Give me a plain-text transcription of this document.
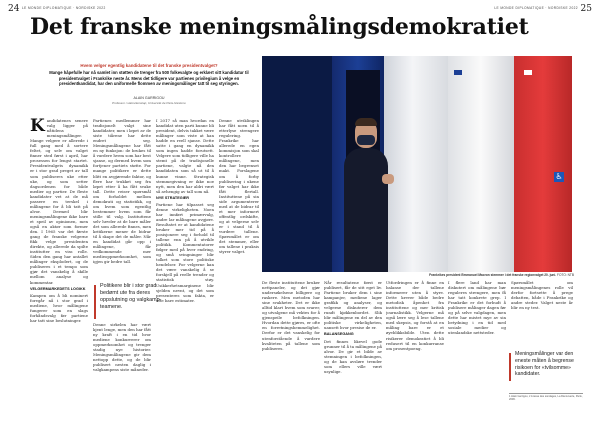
24 LE MONDE DIPLOMATIQUE · NORDISKE 2022	25
LE MONDE DIPLOMATIQUE · NORDISKE 2022
Det franske meningsmålingsdemokratiet
Hvem velger egentlig kandidatene til det franske presidentvalget?
Mange håpefulle har nå samlet inn støtten de trenger fra 500 folkevalgte og erklært sitt kandidatur til presidentvalget i Frankrike neste år. Mens det tidligere var partienes privilegium å velge en presidentkandidat, har den uniformelle flommen av meningsmålinger tatt til seg styringen.
ALAIN GARRIGOU
Professor i statsvitenskap, Université de Paris-Nanterre
K andidatenes senere valg ligger på nåtidens meningsmålinger. Mange velgere er allerede i full gang med å sortere feltet, og selv om valget finner sted først i april, har prosessen for lengst startet. Presidentvalgets dynamikk er i stor grad preget av tall som publiseres uke etter uke, og som setter dagsordenen for både medier og partier. De fleste kandidater vet at de må passere en terskel i målingene for å bli tatt på alvor. Dermed blir meningsmålingene ikke bare et speil av opinionen, men også en aktør som former den. I 1965 var det første gang de franske velgerne fikk velge presidenten direkte, og allerede da spilte institutter en viss rolle. Siden den gang har antallet målinger eksplodert, og de publiseres i et tempo som gjør det vanskelig å skille mellom analyse og kommentar.
VELGERMARKEDETS LOGIKK
Kampen om å bli nominert foregår nå i stor grad i mediene, hvor målingene fungerer som en slags forhåndsvalg før partiene har tatt sine beslutninger.
Partienes medlemmer har tradisjonelt valgt sine kandidater, men i løpet av de siste tiårene har dette endret seg. Meningsmålingene har fått en ny funksjon: de brukes til å vurdere hvem som har best sjanse, og dermed hvem som fortjener partiets støtte. For mange politikere er dette blitt en avgjørende faktor, og flere har trukket seg fra løpet etter å ha fått svake tall. Dette reiser spørsmål om forholdet mellom demokrati og statistikk, og om hvem som egentlig bestemmer hvem som får stille til valg. Instituttene selv hevder at de bare måler det som allerede finnes, men kritikerne mener de bidrar til å skape det de måler. Når en kandidat går opp i målingene, får vedkommende mer medieoppmerksomhet, som igjen gir bedre tall.
Politikere blir i stor grad bedømt ute fra deres oppslutning og valgkamp-teamene.
Denne sirkelen har vært kjent lenge, men den har fått ny kraft i en tid hvor mediene konkurrerer om oppmerksomhet og trenger stadig nye historier. Meningsmålingene gir dem nettopp dette, og de blir publisert nesten daglig i valgkampens siste måneder.
I 2017 så man hvordan en kandidat uten parti kunne bli president, delvis takket være målinger som viste at han hadde en reell sjanse. Dette satte i gang en dynamikk som ingen hadde forutsett. Velgere som tidligere ville ha stemt på de tradisjonelle partiene, valgte nå den kandidaten som så ut til å kunne vinne. Strategisk stemmegivning er ikke noe nytt, men den har aldri vært så avhengig av tall som nå.
NYE STRATEGIER
Partiene har tilpasset seg denne virkeligheten. Noen har innført primærvalg, andre lar målingene avgjøre. Resultatet er at kandidatene bruker mer tid på å posisjonere seg i forhold til tallene enn på å utvikle politikk. Kommentatorer følger med på hver endring, og små svingninger blir tolket som store politiske hendelser. For velgerne kan det være vanskelig å se forskjell på reelle trender og statistisk støy. Usikkerhetsmarginene blir sjelden nevnt, og det som presenteres som fakta, er ofte bare estimater.
Denne utviklingen har fått noen til å etterlyse strengere regulering. Frankrike har allerede en egen kommisjon som skal kontrollere målingene, men den har begrenset makt. Forslagene om å forby publisering i ukene før valget har ikke fått flertall. Instituttene på sin side argumenterer med at de bidrar til et mer informert offentlig ordskifte, og at velgerne selv er i stand til å vurdere tallene. Spørsmålet er om det stemmer, eller om tallene i praksis styrer valget.
♿
Frankrikes president Emmanuel Macron stemmer i det franske regionvalget 20. juni. FOTO: NTB
De fleste instituttene bruker nettpaneler, og det gjør undersøkelsene billigere og raskere. Men metoden har sine svakheter. Det er ikke alltid klart hvem som svarer, og utvalgene må vektes for å gjenspeile befolkningen. Hvordan dette gjøres, er ofte en forretningshemmelighet. Derfor er det vanskelig for utenforstående å vurdere kvaliteten på tallene som publiseres.
Når resultatene først er publisert, får de sitt eget liv. Partiene bruker dem i sine kampanjer, mediene lager grafikk og analyser, og velgerne diskuterer dem rundt kjøkkenbordet. Slik blir målingene en del av den politiske virkeligheten, uansett hvor presise de er.
BALANSEGANG
Det finnes likevel gode grunner til å ta målingene på alvor. De gir et bilde av stemningen i befolkningen, og de kan avsløre trender som ellers ville vært usynlige.
Utfordringen er å finne en balanse der tallene informerer uten å styre. Dette krever både bedre metodisk åpenhet fra instituttene og mer kritisk journalistikk. Velgerne må også lære seg å lese tallene med skepsis, og forstå at en måling bare er et øyeblikksbilde. Uten dette risikerer demokratiet å bli redusert til en konkurranse om prosentpoeng.
I flere land har man diskutert om målingene bør reguleres strengere, men få har tatt konkrete grep. I Frankrike er det forbudt å publisere målinger dagen før og på selve valgdagen, men dette har mistet mye av sin betydning i en tid med sosiale medier og utenlandske nettsteder.
Spørsmålet om meningsmålingenes rolle vil derfor fortsette å prege debatten, både i Frankrike og andre steder. Valget neste år blir en ny test.
Meningsmålinger var den eneste måten å begrense risikoen for «tvilsomme» kandidater.
1 Alain Garrigou, L'ivresse des sondages, La Découverte, Paris, 2006.
